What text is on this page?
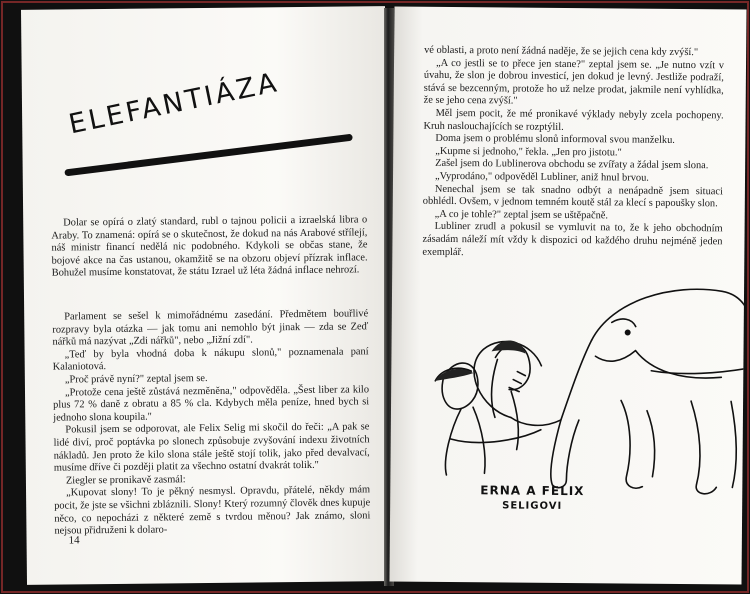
ELEFANTIÁZA

Dolar se opírá o zlatý standard, rubl o tajnou policii a izraelská libra o Araby. To znamená: opírá se o skutečnost, že dokud na nás Arabové střílejí, náš ministr financí nedělá nic podobného. Kdykoli se občas stane, že bojové akce na čas ustanou, okamžitě se na obzoru objeví přízrak inflace. Bohužel musíme konstatovat, že státu Izrael už léta žádná inflace nehrozí.

Parlament se sešel k mimořádnému zasedání. Předmětem bouřlivé rozpravy byla otázka — jak tomu ani nemohlo být jinak — zda se Zeď nářků má nazývat „Zdi nářků", nebo „Jižní zdí".

„Teď by byla vhodná doba k nákupu slonů," poznamenala paní Kalaniotová.

„Proč právě nyní?" zeptal jsem se.

„Protože cena ještě zůstává nezměněna," odpověděla. „Šest liber za kilo plus 72 % daně z obratu a 85 % cla. Kdybych měla peníze, hned bych si jednoho slona koupila."

Pokusil jsem se odporovat, ale Felix Selig mi skočil do řeči: „A pak se lidé diví, proč poptávka po slonech způsobuje zvyšování indexu životních nákladů. Jen proto že kilo slona stále ještě stojí tolik, jako před devalvací, musíme dříve či později platit za všechno ostatní dvakrát tolik."

Ziegler se pronikavě zasmál:

„Kupovat slony! To je pěkný nesmysl. Opravdu, přátelé, někdy mám pocit, že jste se všichni zbláznili. Slony! Který rozumný člověk dnes kupuje něco, co nepocházi z některé země s tvrdou měnou? Jak známo, sloni nejsou přidruženi k dolaro-

14

vé oblasti, a proto není žádná naděje, že se jejich cena kdy zvýší."

„A co jestli se to přece jen stane?" zeptal jsem se. „Je nutno vzít v úvahu, že slon je dobrou investicí, jen dokud je levný. Jestliže podraží, stává se bezcenným, protože ho už nelze prodat, jakmile není vyhlídka, že se jeho cena zvýší."

Měl jsem pocit, že mé pronikavé výklady nebyly zcela pochopeny. Kruh naslouchajících se rozptýlil.

Doma jsem o problému slonů informoval svou manželku.

„Kupme si jednoho," řekla. „Jen pro jistotu."

Zašel jsem do Lublinerova obchodu se zvířaty a žádal jsem slona.

„Vyprodáno," odpověděl Lubliner, aniž hnul brvou.

Nenechal jsem se tak snadno odbýt a nenápadně jsem situaci obhlédl. Ovšem, v jednom temném koutě stál za klecí s papoušky slon.

„A co je tohle?" zeptal jsem se uštěpačně.

Lubliner zrudl a pokusil se vymluvit na to, že k jeho obchodním zásadám náleží mít vždy k dispozici od každého druhu nejméně jeden exemplář.

ERNA A FELIX
SELIGOVI
